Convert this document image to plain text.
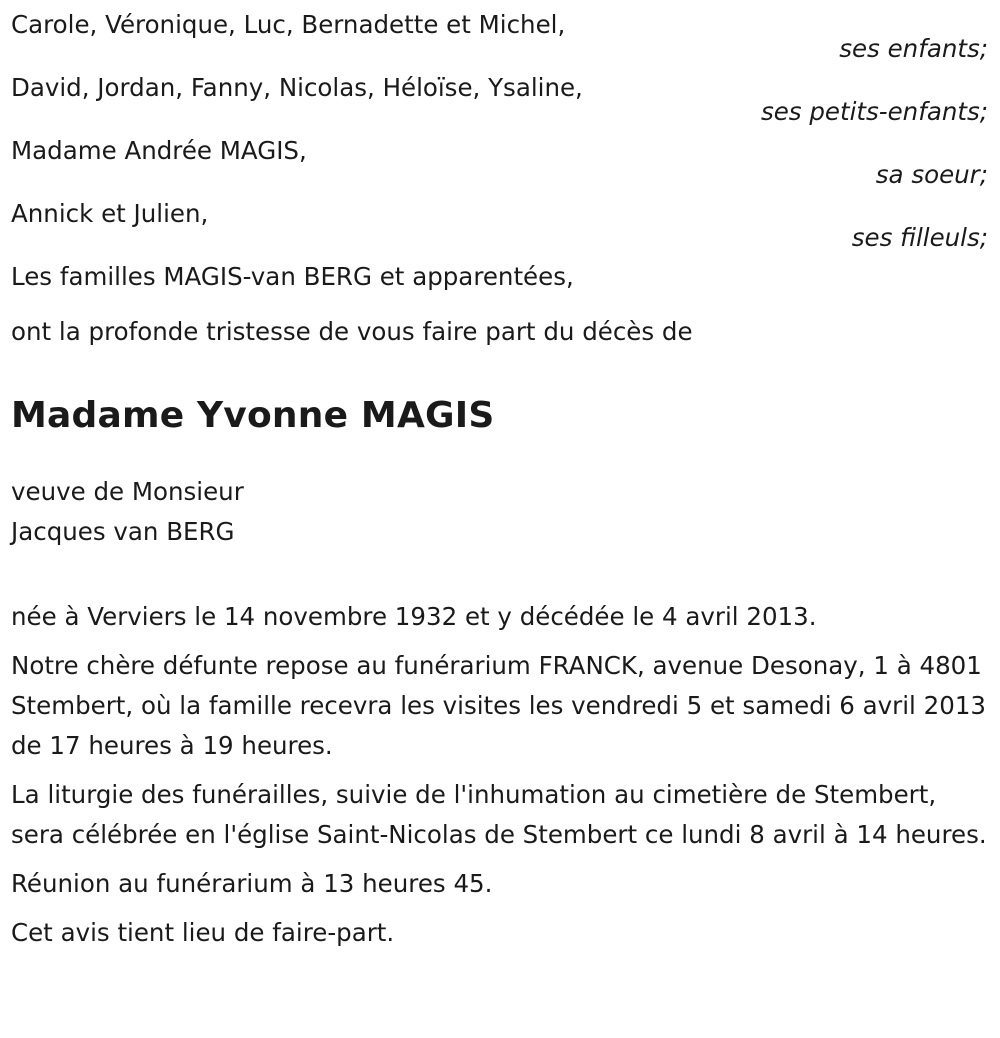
Carole, Véronique, Luc, Bernadette et Michel,
ses enfants;
David, Jordan, Fanny, Nicolas, Héloïse, Ysaline,
ses petits-enfants;
Madame Andrée MAGIS,
sa soeur;
Annick et Julien,
ses filleuls;
Les familles MAGIS-van BERG et apparentées,

ont la profonde tristesse de vous faire part du décès de

Madame Yvonne MAGIS
veuve de Monsieur
Jacques van BERG

née à Verviers le 14 novembre 1932 et y décédée le 4 avril 2013.

Notre chère défunte repose au funérarium FRANCK, avenue Desonay, 1 à 4801 Stembert, où la famille recevra les visites les vendredi 5 et samedi 6 avril 2013 de 17 heures à 19 heures.

La liturgie des funérailles, suivie de l'inhumation au cimetière de Stembert, sera célébrée en l'église Saint-Nicolas de Stembert ce lundi 8 avril à 14 heures.

Réunion au funérarium à 13 heures 45.

Cet avis tient lieu de faire-part.
